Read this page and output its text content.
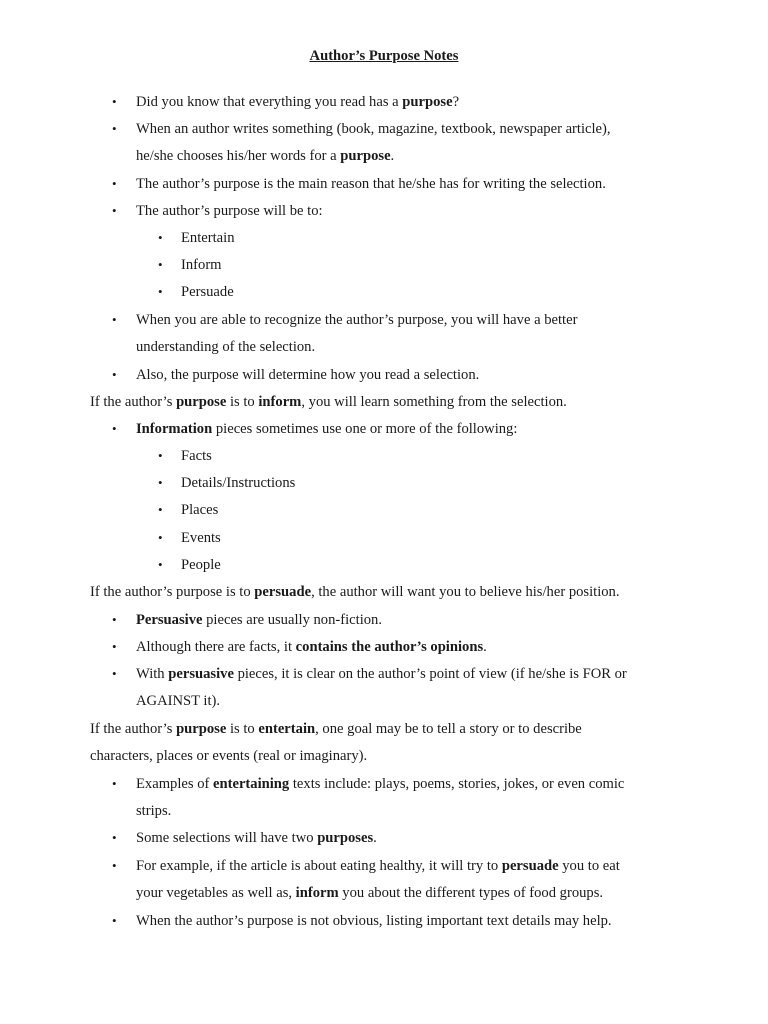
Author’s Purpose Notes
• Did you know that everything you read has a purpose?
• When an author writes something (book, magazine, textbook, newspaper article),
he/she chooses his/her words for a purpose.
• The author’s purpose is the main reason that he/she has for writing the selection.
• The author’s purpose will be to:
• Entertain
• Inform
• Persuade
• When you are able to recognize the author’s purpose, you will have a better
understanding of the selection.
• Also, the purpose will determine how you read a selection.
If the author’s purpose is to inform, you will learn something from the selection.
• Information pieces sometimes use one or more of the following:
• Facts
• Details/Instructions
• Places
• Events
• People
If the author’s purpose is to persuade, the author will want you to believe his/her position.
• Persuasive pieces are usually non-fiction.
• Although there are facts, it contains the author’s opinions.
• With persuasive pieces, it is clear on the author’s point of view (if he/she is FOR or
AGAINST it).
If the author’s purpose is to entertain, one goal may be to tell a story or to describe
characters, places or events (real or imaginary).
• Examples of entertaining texts include: plays, poems, stories, jokes, or even comic
strips.
• Some selections will have two purposes.
• For example, if the article is about eating healthy, it will try to persuade you to eat
your vegetables as well as, inform you about the different types of food groups.
• When the author’s purpose is not obvious, listing important text details may help.
